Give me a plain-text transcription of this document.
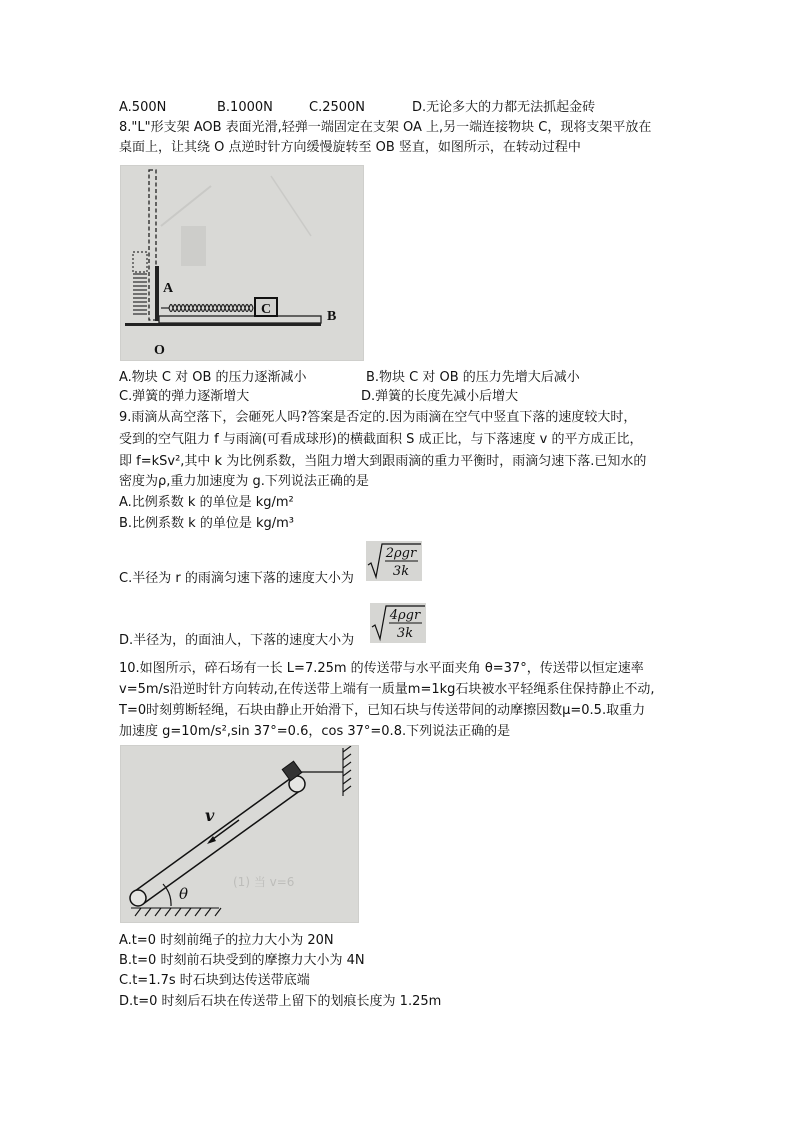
A.500N	B.1000N	C.2500N	D.无论多大的力都无法抓起金砖
8."L"形支架 AOB 表面光滑,轻弹一端固定在支架 OA 上,另一端连接物块 C，现将支架平放在
桌面上，让其绕 O 点逆时针方向缓慢旋转至 OB 竖直，如图所示，在转动过程中
C
A
B
O
A.物块 C 对 OB 的压力逐渐减小	B.物块 C 对 OB 的压力先增大后减小
C.弹簧的弹力逐渐增大	D.弹簧的长度先减小后增大
9.雨滴从高空落下，会砸死人吗?答案是否定的.因为雨滴在空气中竖直下落的速度较大时，
受到的空气阻力 f 与雨滴(可看成球形)的横截面积 S 成正比，与下落速度 v 的平方成正比，
即 f=kSv²,其中 k 为比例系数，当阻力增大到跟雨滴的重力平衡时，雨滴匀速下落.已知水的
密度为ρ,重力加速度为 g.下列说法正确的是
A.比例系数 k 的单位是 kg/m²
B.比例系数 k 的单位是 kg/m³
C.半径为 r 的雨滴匀速下落的速度大小为
2ρgr
3k
D.半径为，的面油人，下落的速度大小为
4ρgr
3k
10.如图所示，碎石场有一长 L=7.25m 的传送带与水平面夹角 θ=37°，传送带以恒定速率
v=5m/s沿逆时针方向转动,在传送带上端有一质量m=1kg石块被水平轻绳系住保持静止不动,
T=0时刻剪断轻绳，石块由静止开始滑下，已知石块与传送带间的动摩擦因数μ=0.5.取重力
加速度 g=10m/s²,sin 37°=0.6，cos 37°=0.8.下列说法正确的是
(1) 当 v=6
v
θ
A.t=0 时刻前绳子的拉力大小为 20N
B.t=0 时刻前石块受到的摩擦力大小为 4N
C.t=1.7s 时石块到达传送带底端
D.t=0 时刻后石块在传送带上留下的划痕长度为 1.25m
